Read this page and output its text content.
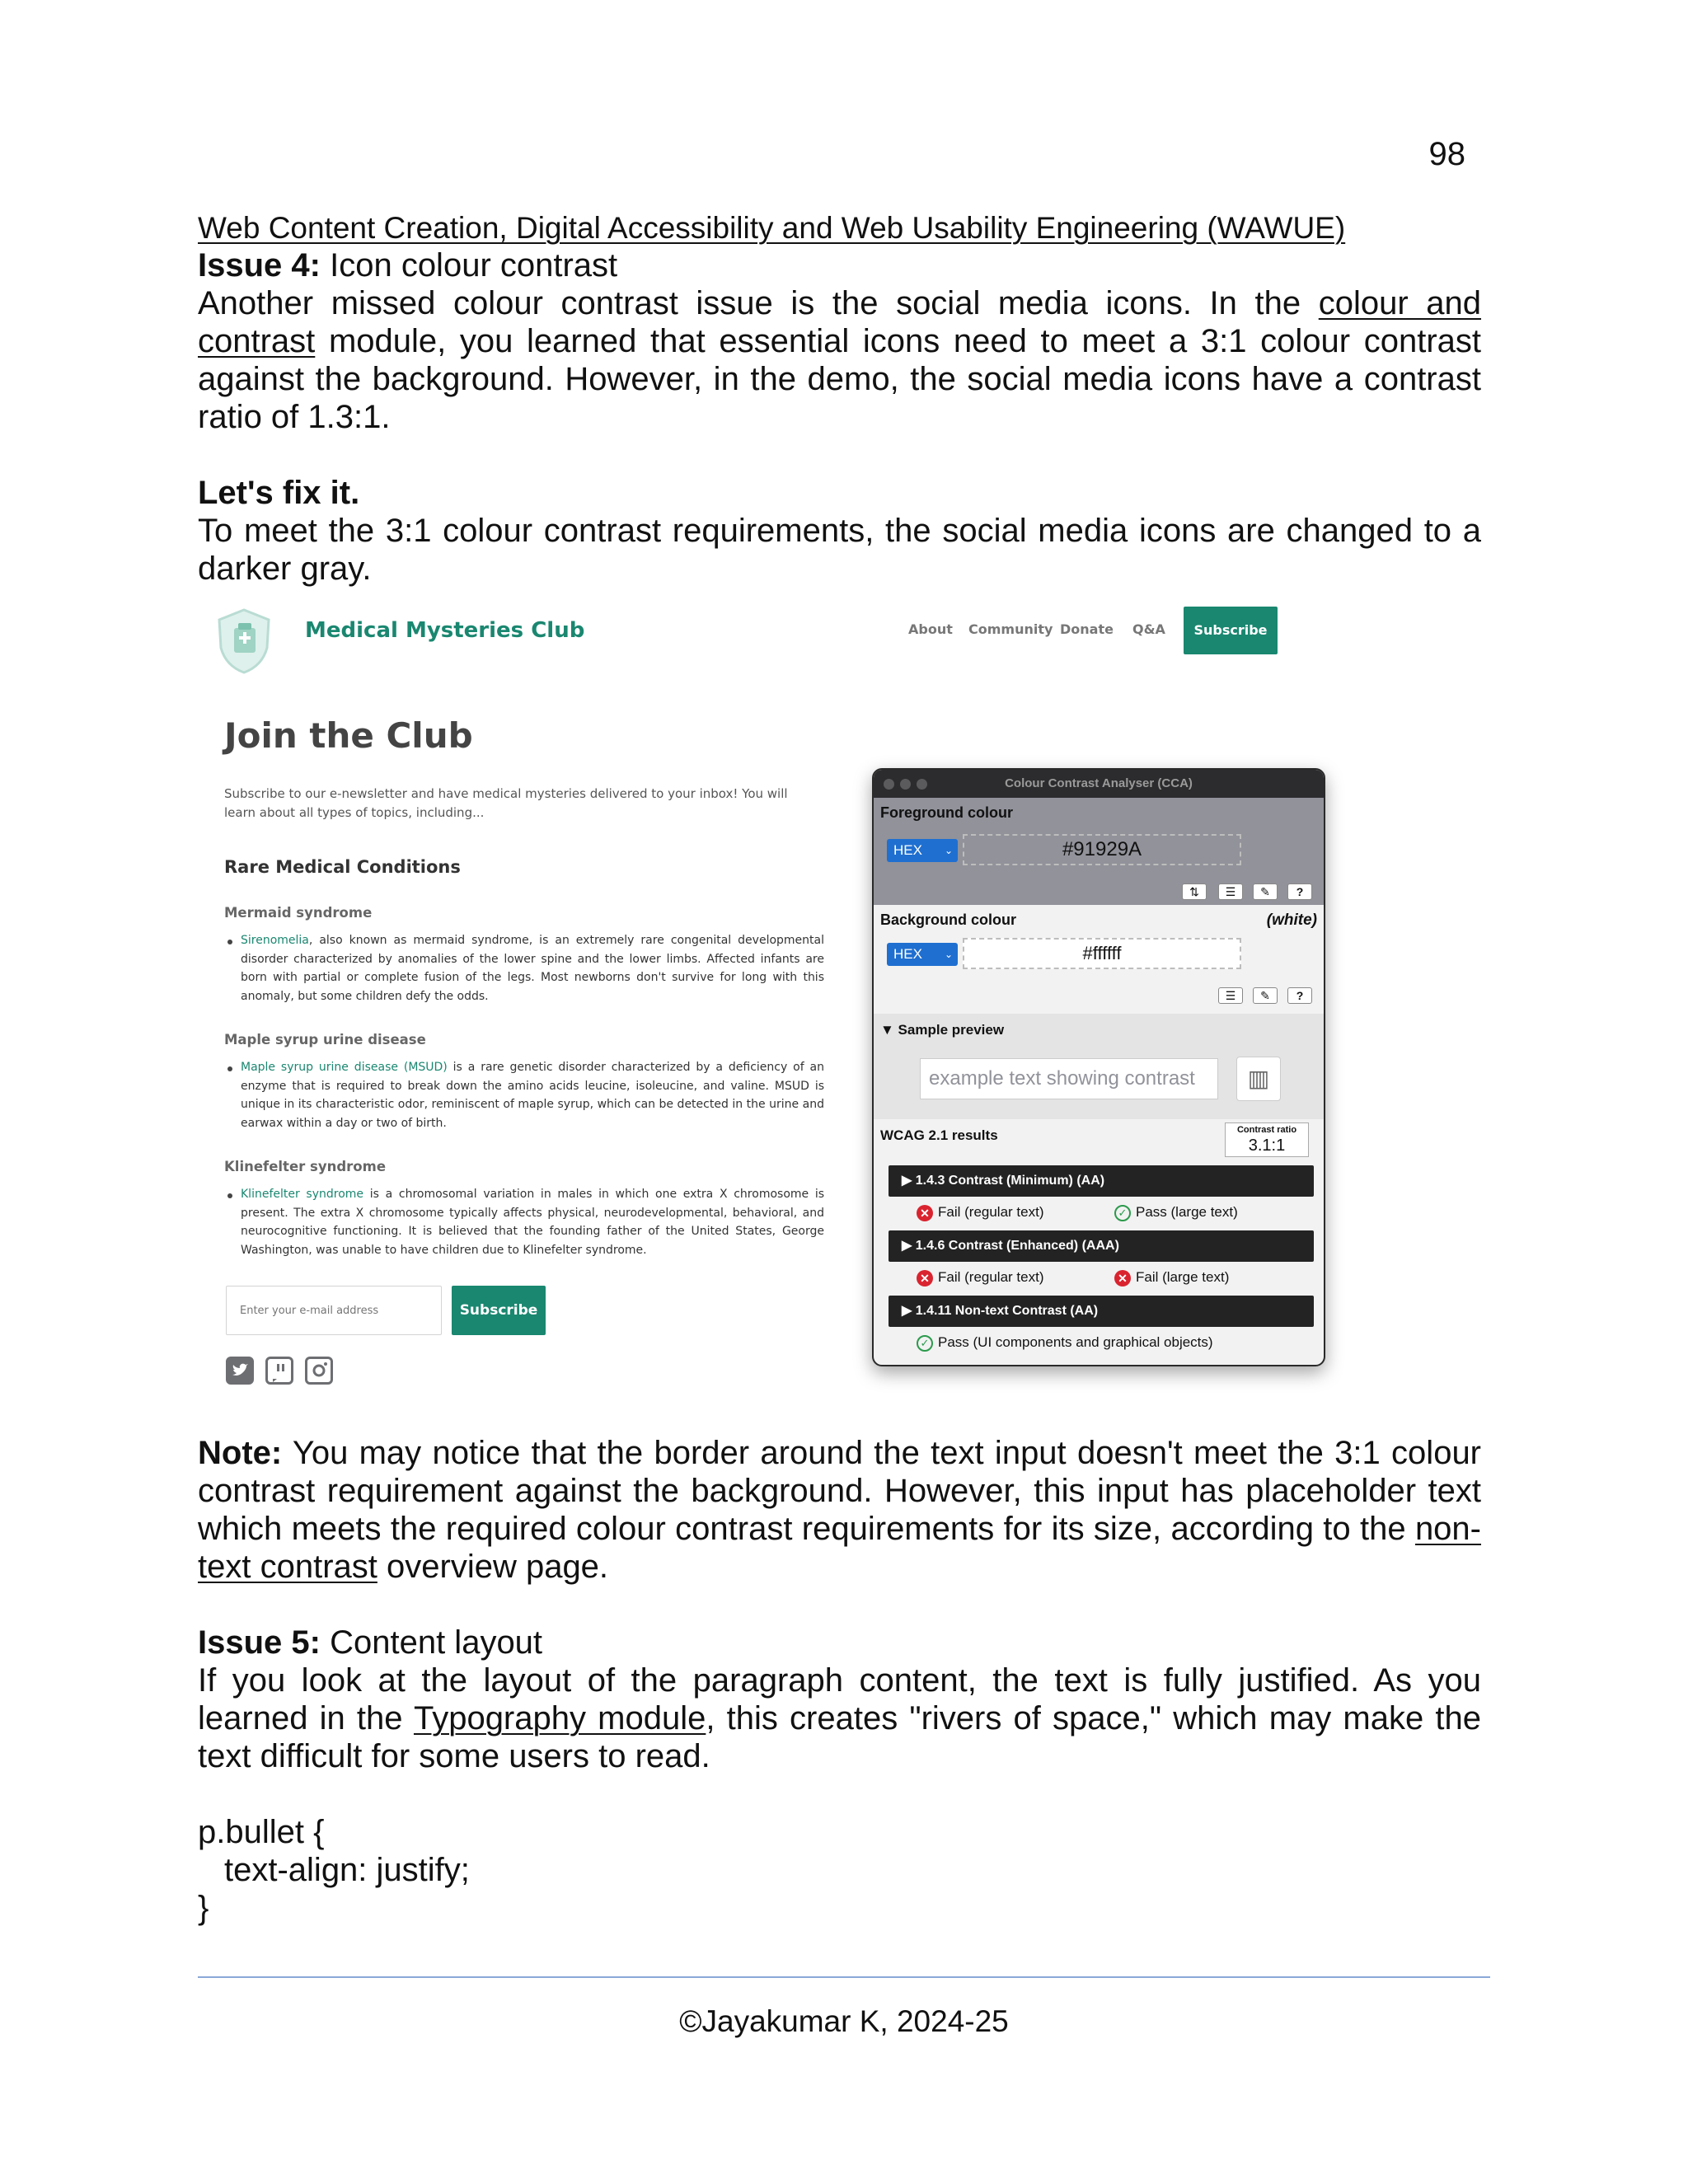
98
Web Content Creation, Digital Accessibility and Web Usability Engineering (WAWUE)
Issue 4: Icon colour contrast
Another missed colour contrast issue is the social media icons. In the colour and contrast module, you learned that essential icons need to meet a 3:1 colour contrast against the background. However, in the demo, the social media icons have a contrast ratio of 1.3:1.
Let's fix it.
To meet the 3:1 colour contrast requirements, the social media icons are changed to a darker gray.
Medical Mysteries Club	About Community Donate Q&A	Subscribe
Join the Club
Subscribe to our e-newsletter and have medical mysteries delivered to your inbox! You will learn about all types of topics, including...
Rare Medical Conditions
Mermaid syndrome
Sirenomelia, also known as mermaid syndrome, is an extremely rare congenital developmental disorder characterized by anomalies of the lower spine and the lower limbs. Affected infants are born with partial or complete fusion of the legs. Most newborns don't survive for long with this anomaly, but some children defy the odds.
Maple syrup urine disease
Maple syrup urine disease (MSUD) is a rare genetic disorder characterized by a deficiency of an enzyme that is required to break down the amino acids leucine, isoleucine, and valine. MSUD is unique in its characteristic odor, reminiscent of maple syrup, which can be detected in the urine and earwax within a day or two of birth.
Klinefelter syndrome
Klinefelter syndrome is a chromosomal variation in males in which one extra X chromosome is present. The extra X chromosome typically affects physical, neurodevelopmental, behavioral, and neurocognitive functioning. It is believed that the founding father of the United States, George Washington, was unable to have children due to Klinefelter syndrome.
Enter your e-mail address
Subscribe
Colour Contrast Analyser (CCA)
Foreground colour
HEX ⌄	#91929A
⇅	☰	✎	?
Background colour	(white)
HEX ⌄	#ffffff
☰	✎	?
▼ Sample preview
example text showing contrast	▥
WCAG 2.1 results	Contrast ratio
3.1:1
▶ 1.4.3 Contrast (Minimum) (AA)
✕ Fail (regular text)	✓ Pass (large text)
▶ 1.4.6 Contrast (Enhanced) (AAA)
✕ Fail (regular text)	✕ Fail (large text)
▶ 1.4.11 Non-text Contrast (AA)
✓ Pass (UI components and graphical objects)
Note: You may notice that the border around the text input doesn't meet the 3:1 colour contrast requirement against the background. However, this input has placeholder text which meets the required colour contrast requirements for its size, according to the non-text contrast overview page.
Issue 5: Content layout
If you look at the layout of the paragraph content, the text is fully justified. As you learned in the Typography module, this creates "rivers of space," which may make the text difficult for some users to read.
p.bullet {
text-align: justify;
}
©Jayakumar K, 2024-25
